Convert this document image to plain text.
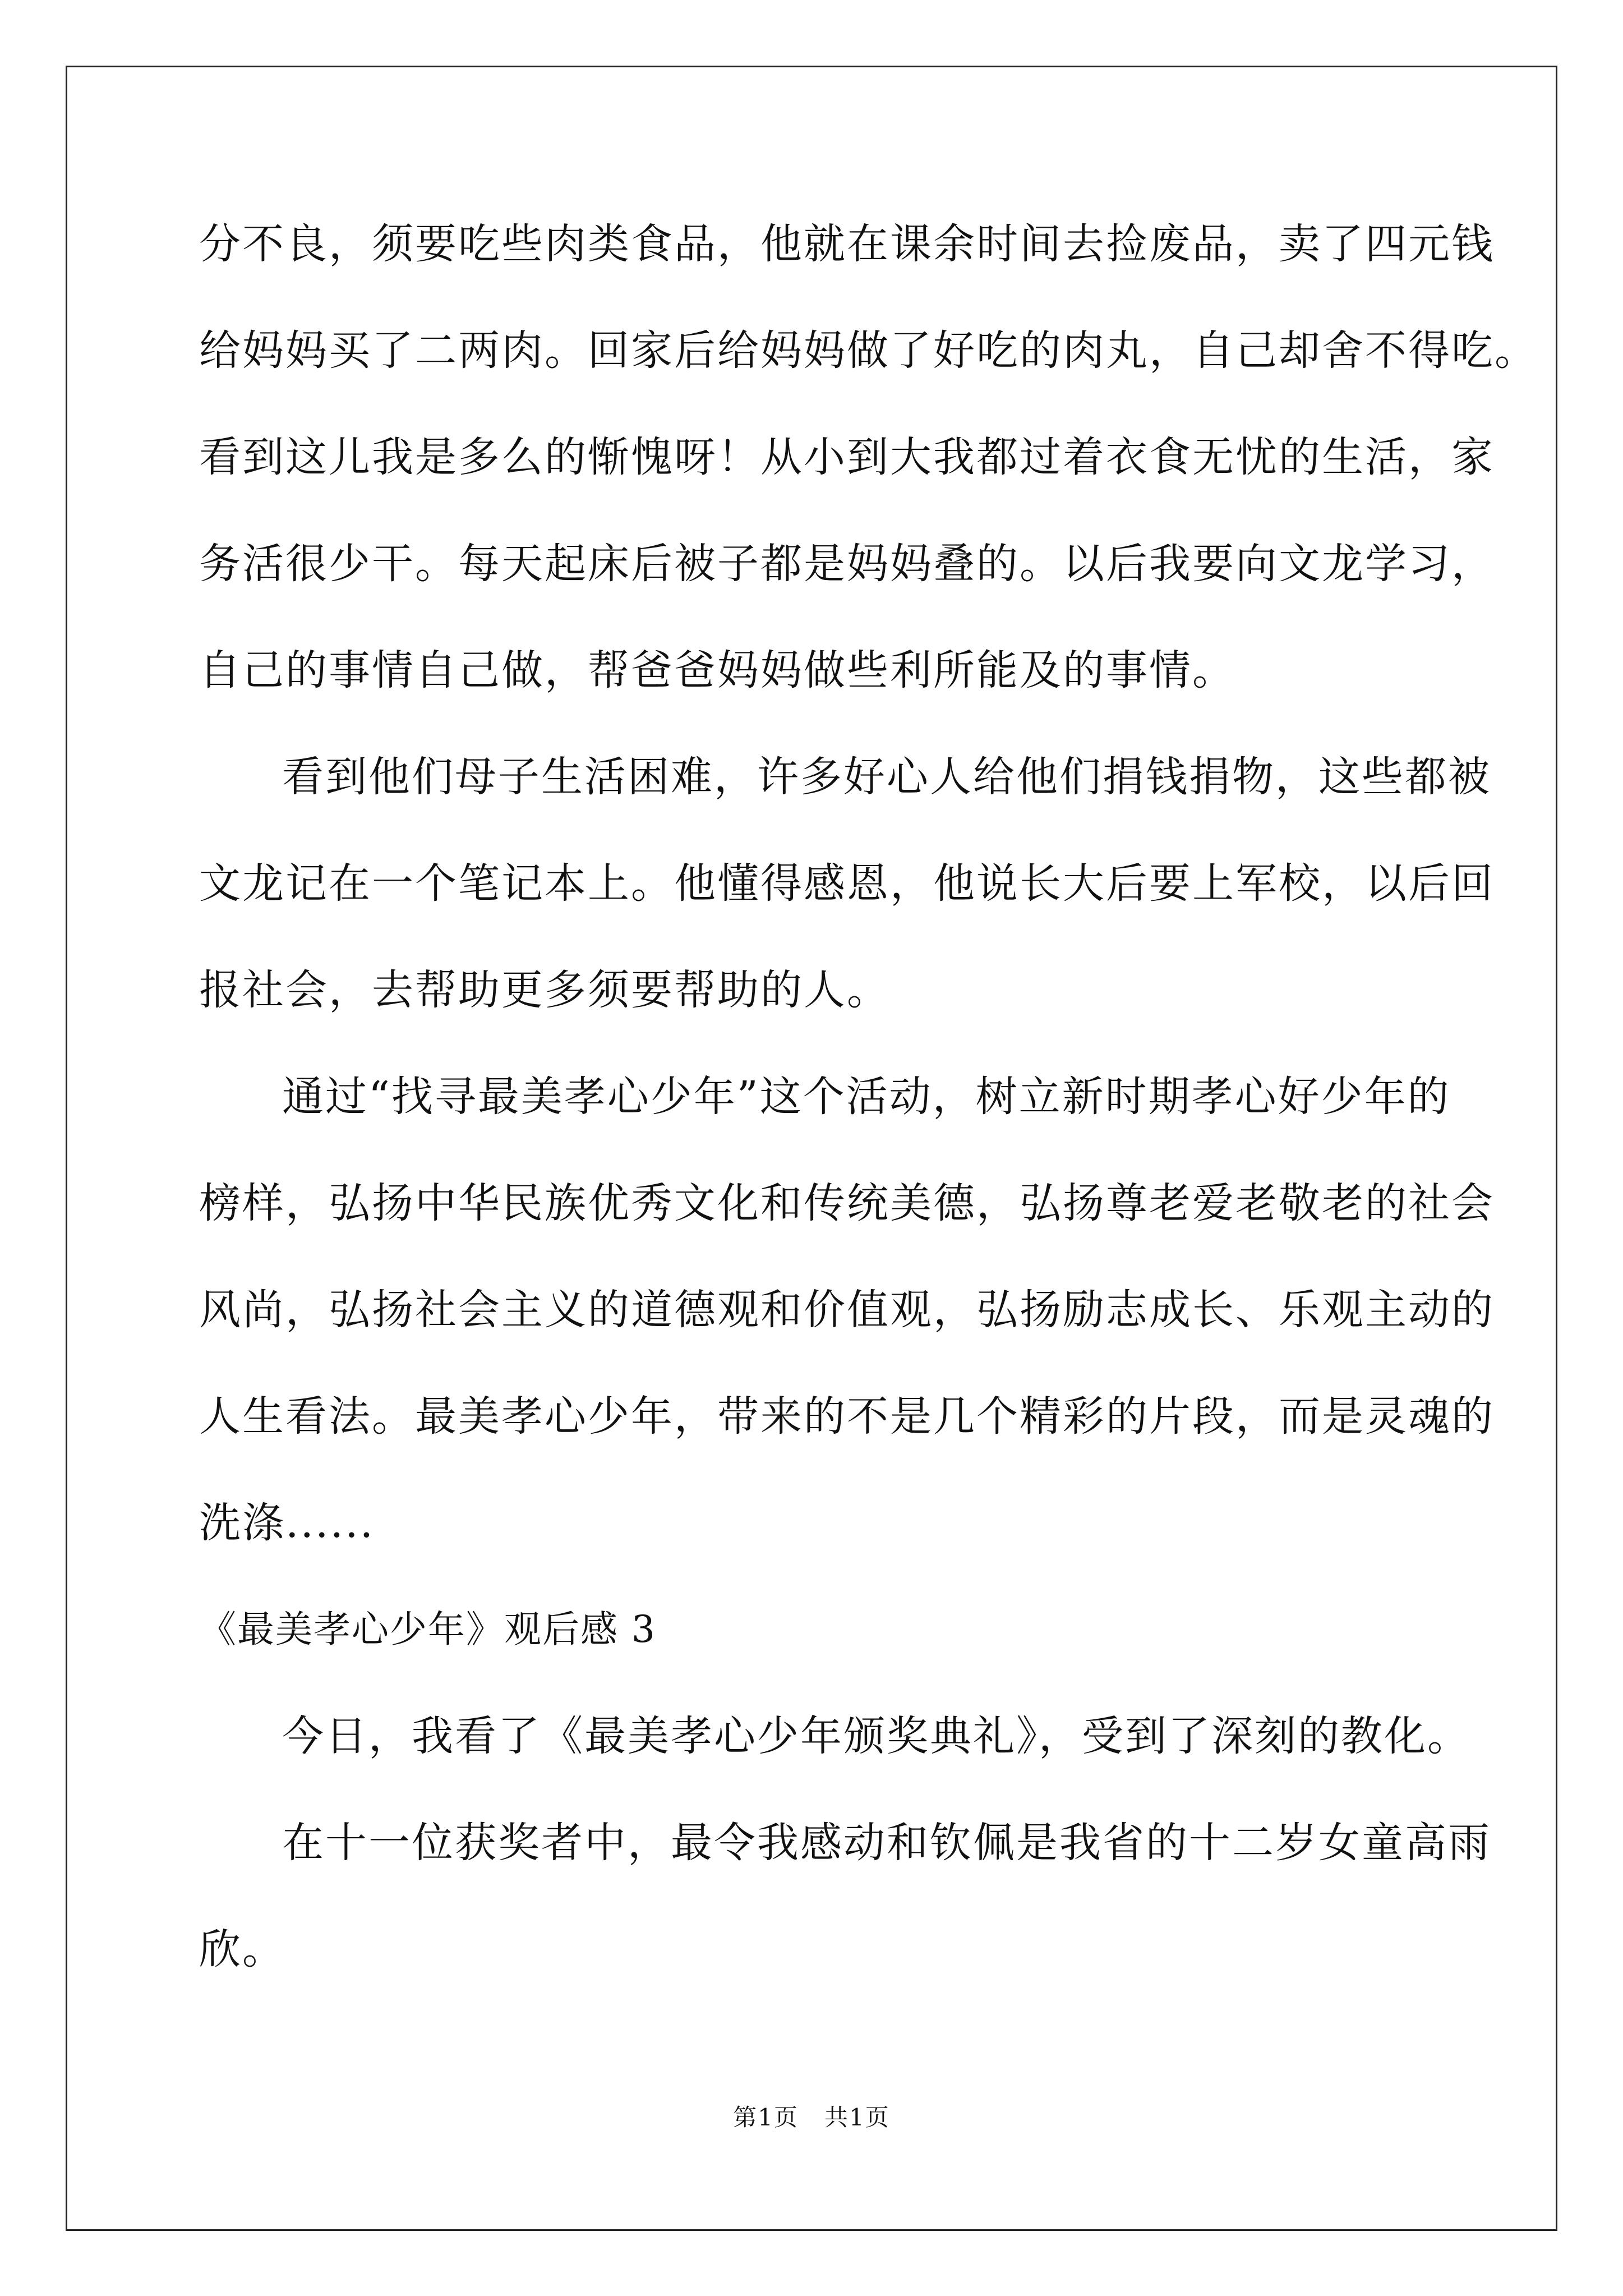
分不良，须要吃些肉类食品，他就在课余时间去捡废品，卖了四元钱
给妈妈买了二两肉。回家后给妈妈做了好吃的肉丸，自己却舍不得吃。
看到这儿我是多么的惭愧呀！从小到大我都过着衣食无忧的生活，家
务活很少干。每天起床后被子都是妈妈叠的。以后我要向文龙学习，
自己的事情自己做，帮爸爸妈妈做些利所能及的事情。
看到他们母子生活困难，许多好心人给他们捐钱捐物，这些都被
文龙记在一个笔记本上。他懂得感恩，他说长大后要上军校，以后回
报社会，去帮助更多须要帮助的人。
通过“找寻最美孝心少年”这个活动，树立新时期孝心好少年的
榜样，弘扬中华民族优秀文化和传统美德，弘扬尊老爱老敬老的社会
风尚，弘扬社会主义的道德观和价值观，弘扬励志成长、乐观主动的
人生看法。最美孝心少年，带来的不是几个精彩的片段，而是灵魂的
洗涤......
《最美孝心少年》观后感 3
今日，我看了《最美孝心少年颁奖典礼》，受到了深刻的教化。
在十一位获奖者中，最令我感动和钦佩是我省的十二岁女童高雨
欣。
第1页   共1页
